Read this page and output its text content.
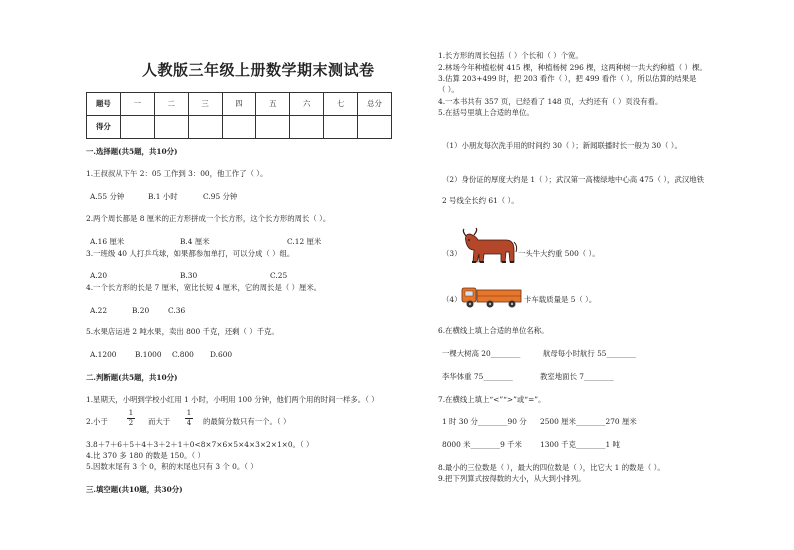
人教版三年级上册数学期末测试卷
题号	一	二	三	四	五	六	七	总分
得分								
一.选择题(共5题，共10分)
1.王叔叔从下午 2：05 工作到 3：00，他工作了（ ）。
A.55 分钟	B.1 小时	C.95 分钟
2.两个周长都是 8 厘米的正方形拼成一个长方形，这个长方形的周长（ ）。
A.16 厘米	B.4 厘米	C.12 厘米
3.一班级 40 人打乒乓球，如果都参加单打，可以分成（ ）组。
A.20	B.30	C.25
4.一个长方形的长是 7 厘米，宽比长短 4 厘米，它的周长是（ ）厘米。
A.22	B.20	C.36
5.水果店运进 2 吨水果，卖出 800 千克，还剩（ ）千克。
A.1200	B.1000 C.800 D.600
二.判断题(共5题，共10分)
1.星期天，小明到学校小红用 1 小时，小明用 100 分钟，他们两个用的时间一样多。（ ）
2.小于
1
2 而大于
1
4 的最简分数只有一个。（ ）
3.8＋7＋6＋5＋4＋3＋2＋1＋0<8×7×6×5×4×3×2×1×0。（ ）
4.比 370 多 180 的数是 150。（ ）
5.因数末尾有 3 个 0，积的末尾也只有 3 个 0。（ ）
三.填空题(共10题，共30分)
1.长方形的周长包括（ ）个长和（ ）个宽。
2.林场今年种植松树 415 棵，种植杨树 296 棵，这两种树一共大约种植（ ）棵。
3.估算 203+499 时，把 203 看作（ ），把 499 看作（ ），所以估算的结果是
（ ）。
4.一本书共有 357 页，已经看了 148 页，大约还有（ ）页没有看。
5.在括号里填上合适的单位。
（1）小朋友每次洗手用的时间约 30（ ）；新闻联播时长一般为 30（ ）。
（2）身份证的厚度大约是 1（ ）；武汉第一高楼绿地中心高 475（ ），武汉地铁
2 号线全长约 61（ ）。
（3）	一头牛大约重 500（ ）。
（4）	卡车载质量是 5（ ）。
6.在横线上填上合适的单位名称。
一棵大树高 20________	航母每小时航行 55________
李华体重 75________	教室地面长 7________
7.在横线上填上“<”“>”或“=”。
1 时 30 分________90 分 2500 厘米________270 厘米
8000 米________9 千米 1300 千克________1 吨
8.最小的三位数是（ ），最大的四位数是（ ），比它大 1 的数是（ ）。
9.把下列算式按得数的大小，从大到小排列。
